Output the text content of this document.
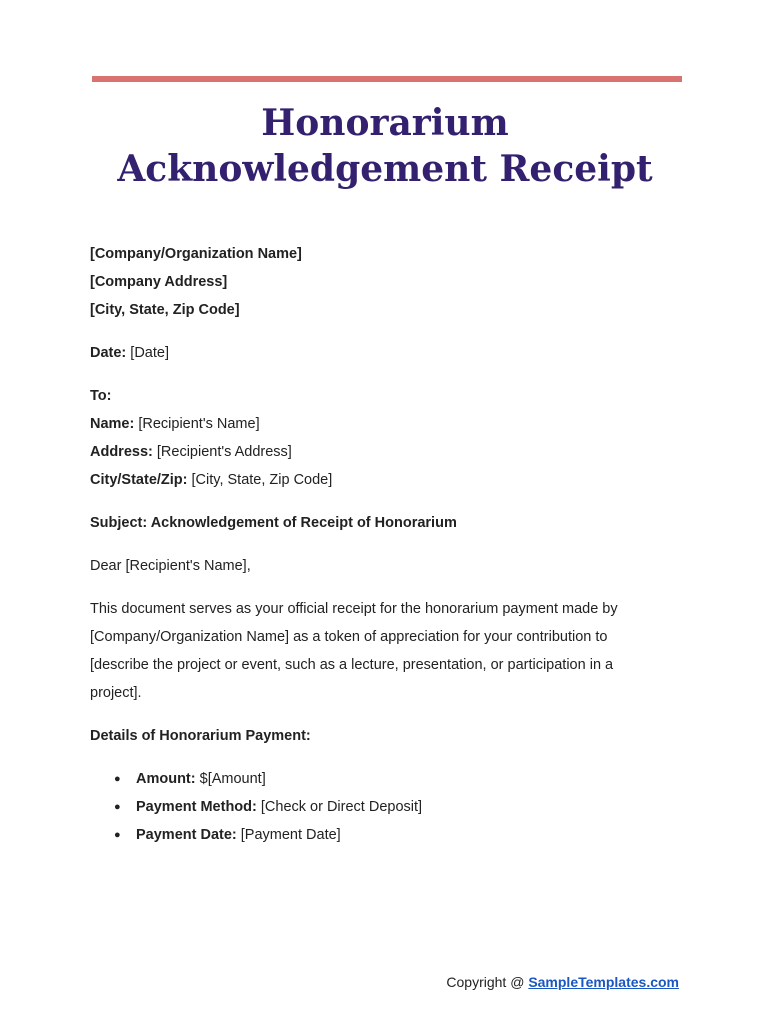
Honorarium
Acknowledgement Receipt
[Company/Organization Name]
[Company Address]
[City, State, Zip Code]
Date: [Date]
To:
Name: [Recipient's Name]
Address: [Recipient's Address]
City/State/Zip: [City, State, Zip Code]
Subject: Acknowledgement of Receipt of Honorarium
Dear [Recipient's Name],
This document serves as your official receipt for the honorarium payment made by
[Company/Organization Name] as a token of appreciation for your contribution to
[describe the project or event, such as a lecture, presentation, or participation in a
project].
Details of Honorarium Payment:
● Amount: $[Amount]
● Payment Method: [Check or Direct Deposit]
● Payment Date: [Payment Date]
Copyright @ SampleTemplates.com
